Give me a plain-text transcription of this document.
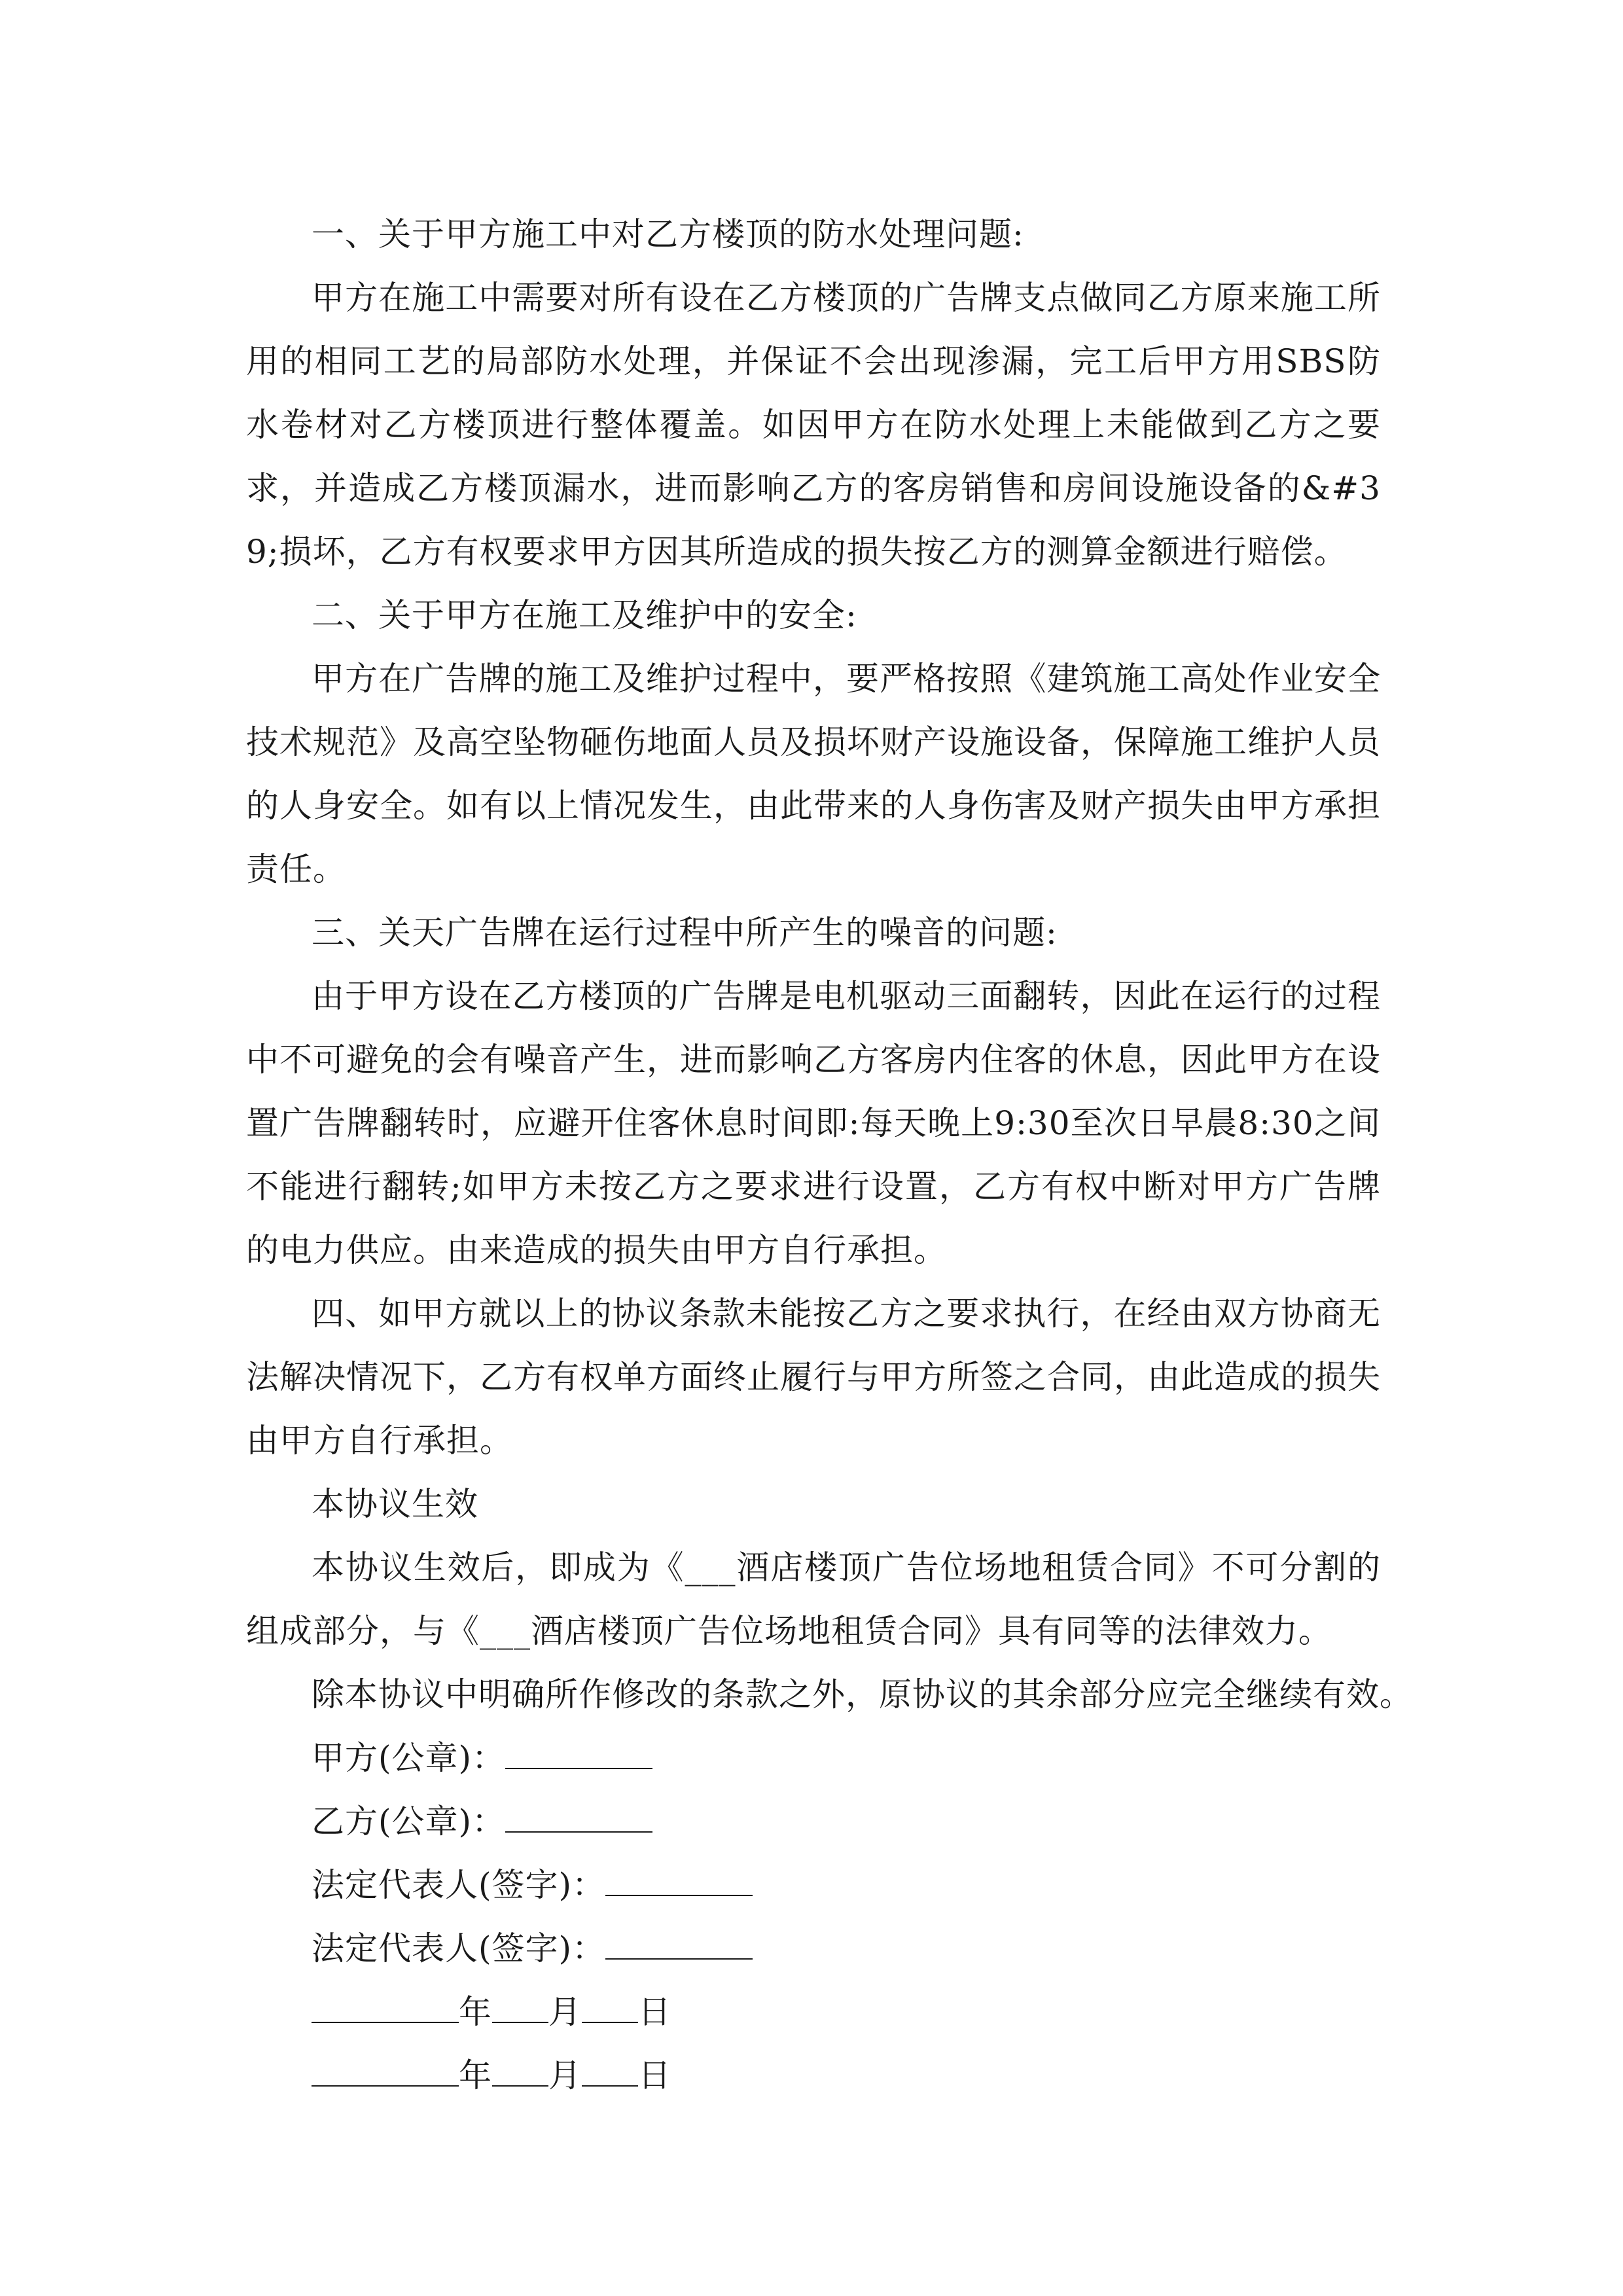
一、关于甲方施工中对乙方楼顶的防水处理问题:

甲方在施工中需要对所有设在乙方楼顶的广告牌支点做同乙方原来施工所用的相同工艺的局部防水处理，并保证不会出现渗漏，完工后甲方用SBS防水卷材对乙方楼顶进行整体覆盖。如因甲方在防水处理上未能做到乙方之要求，并造成乙方楼顶漏水，进而影响乙方的客房销售和房间设施设备的&#39;损坏，乙方有权要求甲方因其所造成的损失按乙方的测算金额进行赔偿。

二、关于甲方在施工及维护中的安全:

甲方在广告牌的施工及维护过程中，要严格按照《建筑施工高处作业安全技术规范》及高空坠物砸伤地面人员及损坏财产设施设备，保障施工维护人员的人身安全。如有以上情况发生，由此带来的人身伤害及财产损失由甲方承担责任。

三、关天广告牌在运行过程中所产生的噪音的问题:

由于甲方设在乙方楼顶的广告牌是电机驱动三面翻转，因此在运行的过程中不可避免的会有噪音产生，进而影响乙方客房内住客的休息，因此甲方在设置广告牌翻转时，应避开住客休息时间即:每天晚上9:30至次日早晨8:30之间不能进行翻转;如甲方未按乙方之要求进行设置，乙方有权中断对甲方广告牌的电力供应。由来造成的损失由甲方自行承担。

四、如甲方就以上的协议条款未能按乙方之要求执行，在经由双方协商无法解决情况下，乙方有权单方面终止履行与甲方所签之合同，由此造成的损失由甲方自行承担。

本协议生效

本协议生效后，即成为《___酒店楼顶广告位场地租赁合同》不可分割的组成部分，与《___酒店楼顶广告位场地租赁合同》具有同等的法律效力。

除本协议中明确所作修改的条款之外，原协议的其余部分应完全继续有效。

甲方(公章)：

乙方(公章)：

法定代表人(签字)：

法定代表人(签字)：

年 月 日

年 月 日
